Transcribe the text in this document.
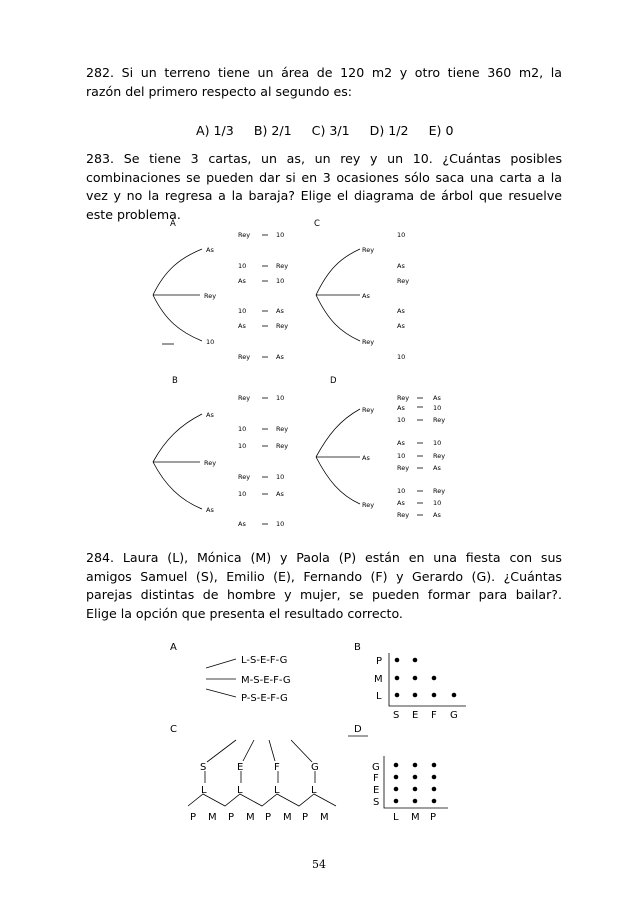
282. Si un terreno tiene un área de 120 m2 y otro tiene 360 m2, la
razón del primero respecto al segundo es:
A) 1/3 B) 2/1 C) 3/1 D) 1/2 E) 0
283. Se tiene 3 cartas, un as, un rey y un 10. ¿Cuántas posibles
combinaciones se pueden dar si en 3 ocasiones sólo saca una carta a la
vez y no la regresa a la baraja? Elige el diagrama de árbol que resuelve
este problema.
A	C
B	D
As
Rey
10
Rey	10
10	Rey
As	10
10	As
As	Rey
Rey	As
Rey
As
Rey
10
As
Rey
As
As
10
As
Rey
As
Rey	10
10	Rey
10	Rey
Rey	10
10	As
As	10
Rey
As
Rey
Rey	As
As	10
10	Rey
As	10
10	Rey
Rey	As
10	Rey
As	10
Rey	As
284. Laura (L), Mónica (M) y Paola (P) están en una fiesta con sus
amigos Samuel (S), Emilio (E), Fernando (F) y Gerardo (G). ¿Cuántas
parejas distintas de hombre y mujer, se pueden formar para bailar?.
Elige la opción que presenta el resultado correcto.
A	B
C	D
L-S-E-F-G
M-S-E-F-G
P-S-E-F-G
P
M
L
S E F G
S	E	F	G
L	L	L	L
P M P M P M P M
G
F
E
S
L M P
54
